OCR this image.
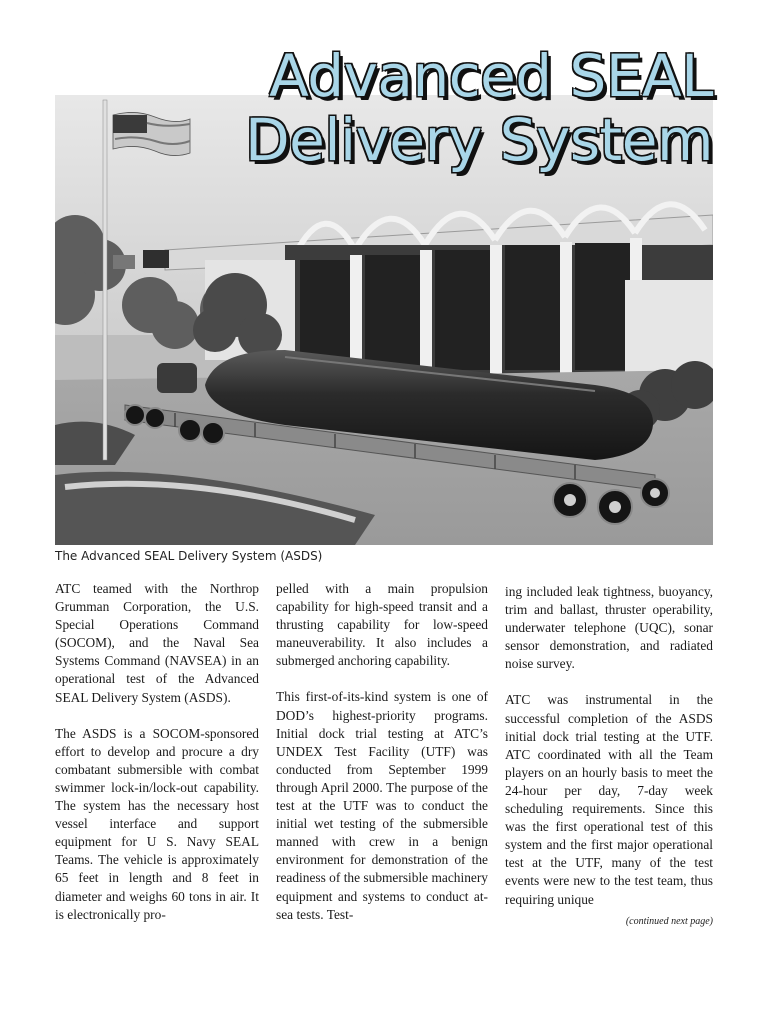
Advanced SEAL
Delivery System
The Advanced SEAL Delivery System (ASDS)

ATC teamed with the Northrop Grumman Corporation, the U.S. Special Operations Command (SOCOM), and the Naval Sea Systems Command (NAVSEA) in an operational test of the Advanced SEAL Delivery System (ASDS).

The ASDS is a SOCOM-sponsored effort to develop and procure a dry combatant submersible with combat swimmer lock-in/lock-out capability. The system has the necessary host vessel interface and support equipment for U S. Navy SEAL Teams. The vehicle is approximately 65 feet in length and 8 feet in diameter and weighs 60 tons in air. It is electronically pro-

pelled with a main propulsion capability for high-speed transit and a thrusting capability for low-speed maneuverability. It also includes a submerged anchoring capability.

This first-of-its-kind system is one of DOD’s highest-priority programs. Initial dock trial testing at ATC’s UNDEX Test Facility (UTF) was conducted from September 1999 through April 2000. The purpose of the test at the UTF was to conduct the initial wet testing of the submersible manned with crew in a benign environment for demonstration of the readiness of the submersible machinery equipment and systems to conduct at-sea tests. Test-

ing included leak tightness, buoyancy, trim and ballast, thruster operability, underwater telephone (UQC), sonar sensor demonstration, and radiated noise survey.

ATC was instrumental in the successful completion of the ASDS initial dock trial testing at the UTF. ATC coordinated with all the Team players on an hourly basis to meet the 24-hour per day, 7-day week scheduling requirements. Since this was the first operational test of this system and the first major operational test at the UTF, many of the test events were new to the test team, thus requiring unique

(continued next page)
